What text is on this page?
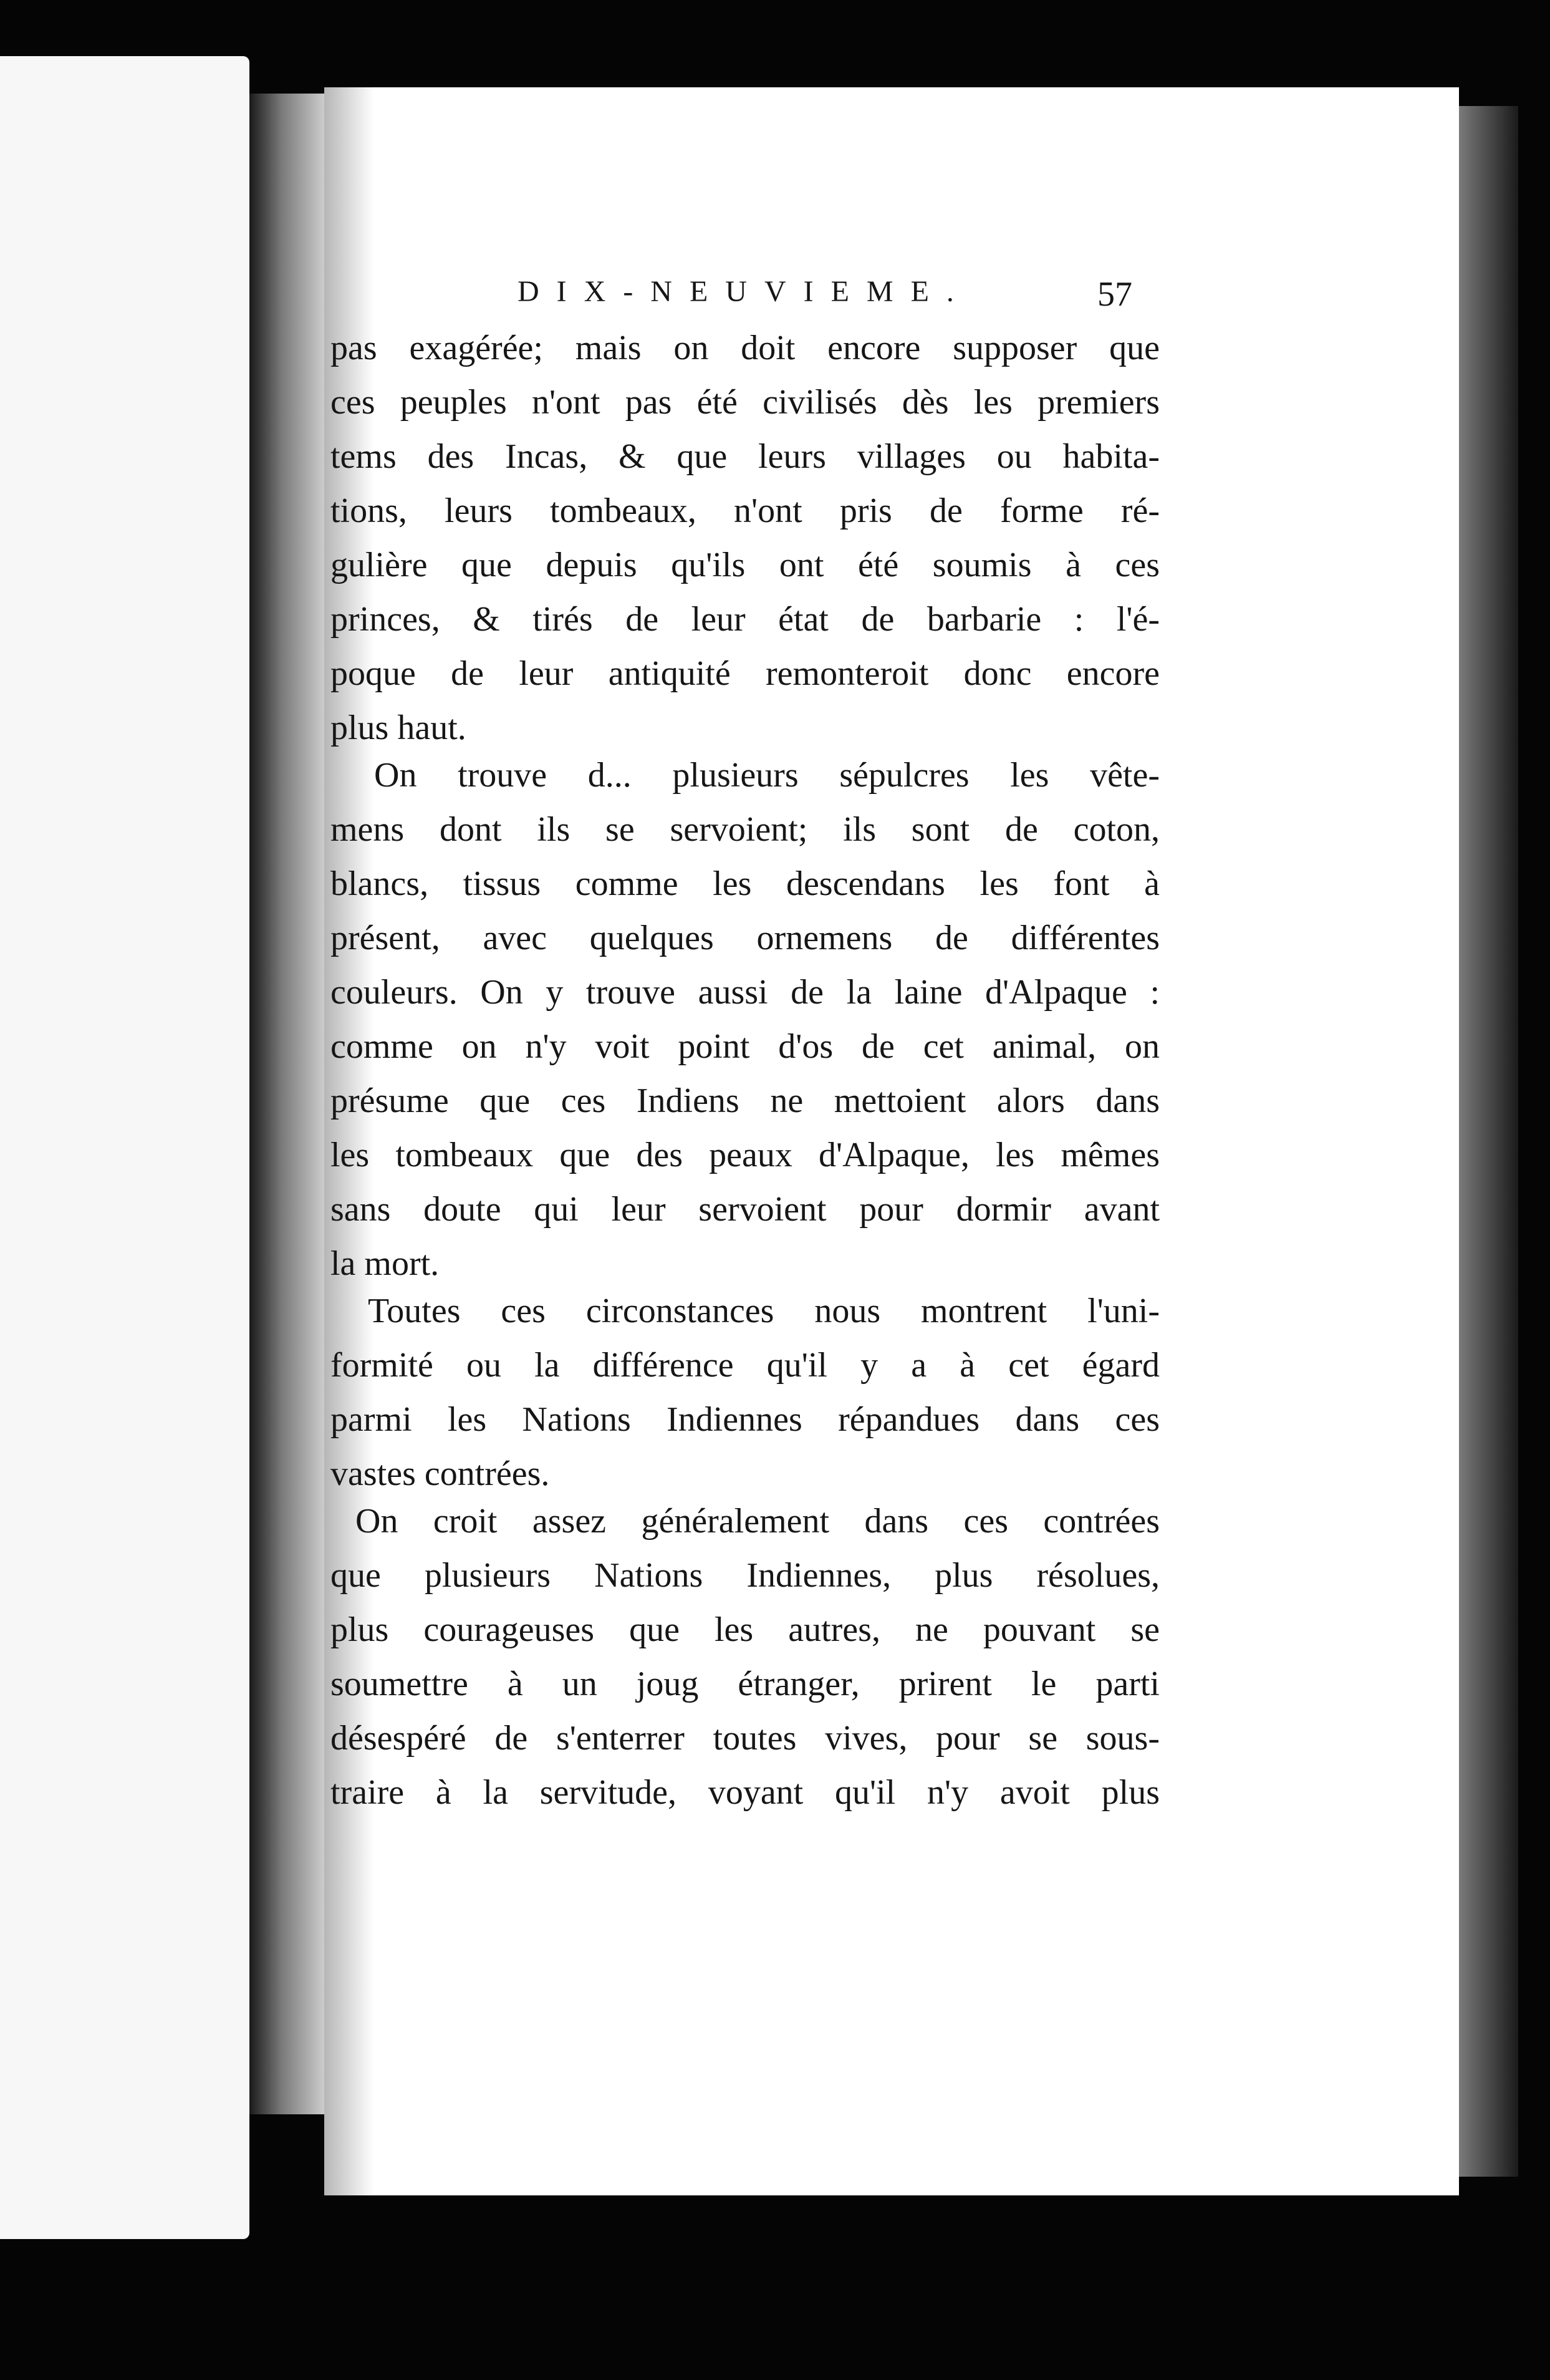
DIX-NEUVIEME.	57

pas exagérée; mais on doit encore supposer que

ces peuples n'ont pas été civilisés dès les premiers

tems des Incas, & que leurs villages ou habita-

tions, leurs tombeaux, n'ont pris de forme ré-

gulière que depuis qu'ils ont été soumis à ces

princes, & tirés de leur état de barbarie : l'é-

poque de leur antiquité remonteroit donc encore

plus haut.

On trouve d... plusieurs sépulcres les vête-

mens dont ils se servoient; ils sont de coton,

blancs, tissus comme les descendans les font à

présent, avec quelques ornemens de différentes

couleurs. On y trouve aussi de la laine d'Alpaque :

comme on n'y voit point d'os de cet animal, on

présume que ces Indiens ne mettoient alors dans

les tombeaux que des peaux d'Alpaque, les mêmes

sans doute qui leur servoient pour dormir avant

la mort.

Toutes ces circonstances nous montrent l'uni-

formité ou la différence qu'il y a à cet égard

parmi les Nations Indiennes répandues dans ces

vastes contrées.

On croit assez généralement dans ces contrées

que plusieurs Nations Indiennes, plus résolues,

plus courageuses que les autres, ne pouvant se

soumettre à un joug étranger, prirent le parti

désespéré de s'enterrer toutes vives, pour se sous-

traire à la servitude, voyant qu'il n'y avoit plus
